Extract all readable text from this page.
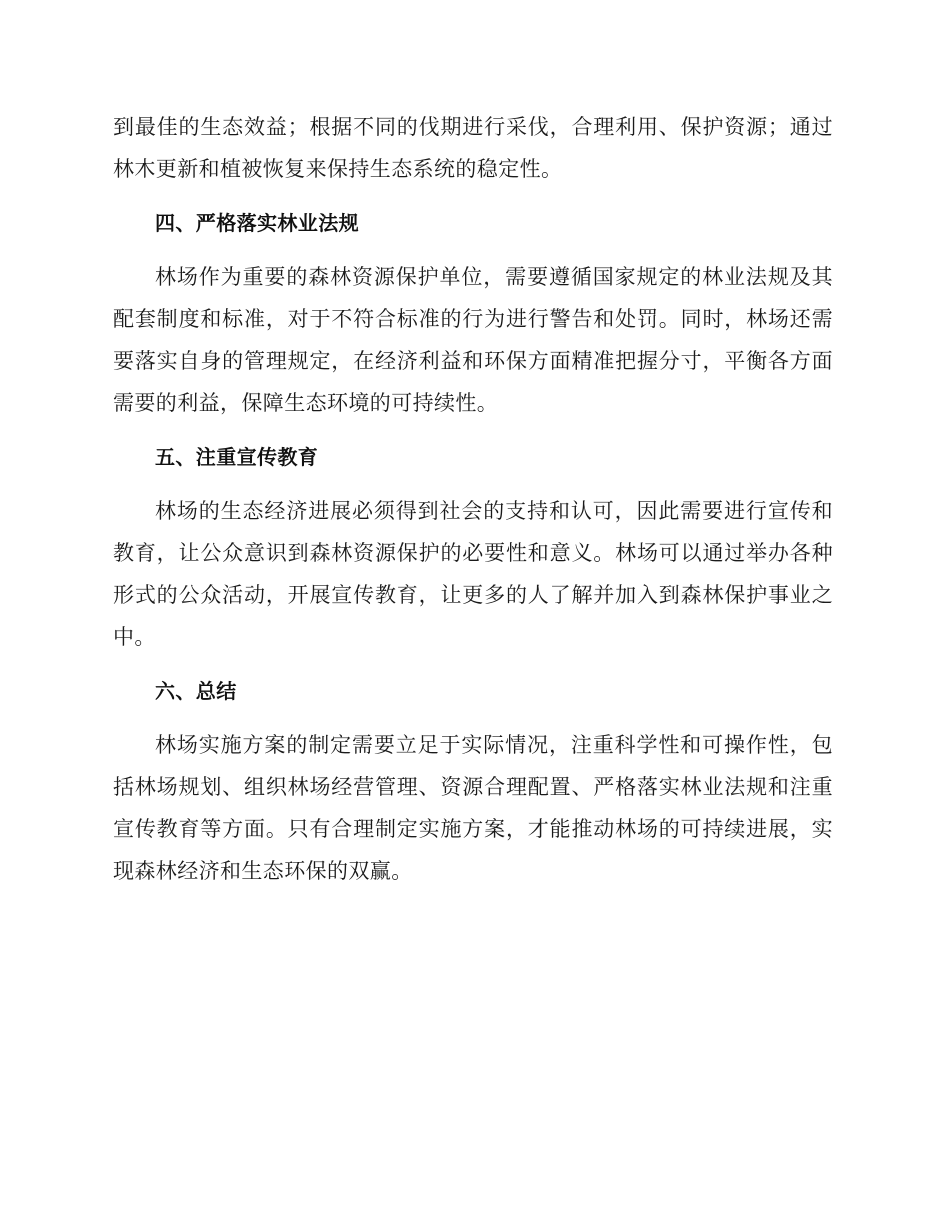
到最佳的生态效益；根据不同的伐期进行采伐，合理利用、保护资源；通过林木更新和植被恢复来保持生态系统的稳定性。

四、严格落实林业法规

林场作为重要的森林资源保护单位，需要遵循国家规定的林业法规及其配套制度和标准，对于不符合标准的行为进行警告和处罚。同时，林场还需要落实自身的管理规定，在经济利益和环保方面精准把握分寸，平衡各方面需要的利益，保障生态环境的可持续性。

五、注重宣传教育

林场的生态经济进展必须得到社会的支持和认可，因此需要进行宣传和教育，让公众意识到森林资源保护的必要性和意义。林场可以通过举办各种形式的公众活动，开展宣传教育，让更多的人了解并加入到森林保护事业之中。

六、总结

林场实施方案的制定需要立足于实际情况，注重科学性和可操作性，包括林场规划、组织林场经营管理、资源合理配置、严格落实林业法规和注重宣传教育等方面。只有合理制定实施方案，才能推动林场的可持续进展，实现森林经济和生态环保的双赢。
